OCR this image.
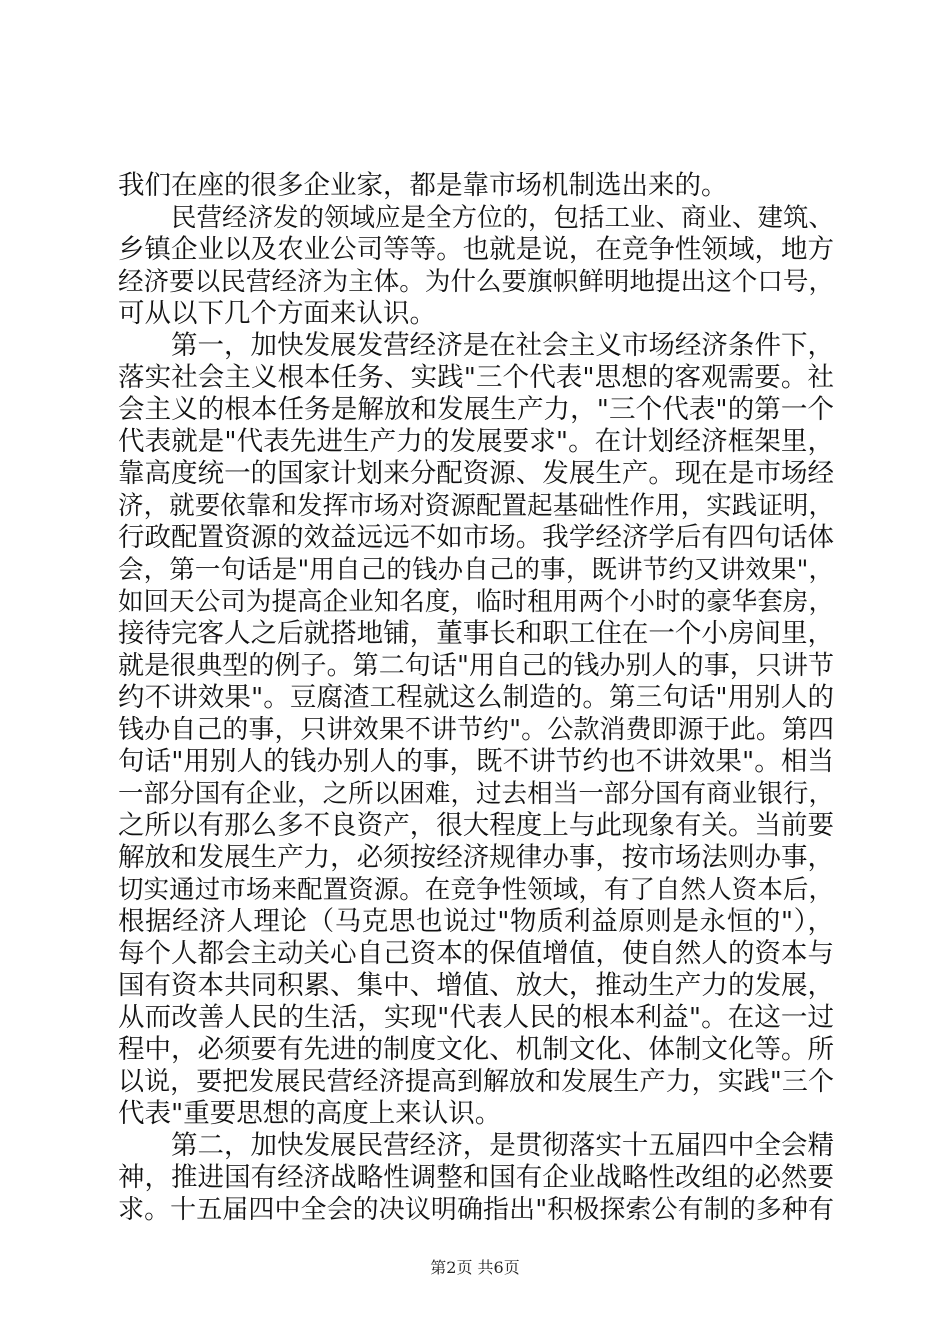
我们在座的很多企业家，都是靠市场机制选出来的。
民营经济发的领域应是全方位的，包括工业、商业、建筑、
乡镇企业以及农业公司等等。也就是说，在竞争性领域，地方
经济要以民营经济为主体。为什么要旗帜鲜明地提出这个口号，
可从以下几个方面来认识。
第一，加快发展发营经济是在社会主义市场经济条件下，
落实社会主义根本任务、实践"三个代表"思想的客观需要。社
会主义的根本任务是解放和发展生产力，"三个代表"的第一个
代表就是"代表先进生产力的发展要求"。在计划经济框架里，
靠高度统一的国家计划来分配资源、发展生产。现在是市场经
济，就要依靠和发挥市场对资源配置起基础性作用，实践证明，
行政配置资源的效益远远不如市场。我学经济学后有四句话体
会，第一句话是"用自己的钱办自己的事，既讲节约又讲效果"，
如回天公司为提高企业知名度，临时租用两个小时的豪华套房，
接待完客人之后就搭地铺，董事长和职工住在一个小房间里，
就是很典型的例子。第二句话"用自己的钱办别人的事，只讲节
约不讲效果"。豆腐渣工程就这么制造的。第三句话"用别人的
钱办自己的事，只讲效果不讲节约"。公款消费即源于此。第四
句话"用别人的钱办别人的事，既不讲节约也不讲效果"。相当
一部分国有企业，之所以困难，过去相当一部分国有商业银行，
之所以有那么多不良资产，很大程度上与此现象有关。当前要
解放和发展生产力，必须按经济规律办事，按市场法则办事，
切实通过市场来配置资源。在竞争性领域，有了自然人资本后，
根据经济人理论（马克思也说过"物质利益原则是永恒的"），
每个人都会主动关心自己资本的保值增值，使自然人的资本与
国有资本共同积累、集中、增值、放大，推动生产力的发展，
从而改善人民的生活，实现"代表人民的根本利益"。在这一过
程中，必须要有先进的制度文化、机制文化、体制文化等。所
以说，要把发展民营经济提高到解放和发展生产力，实践"三个
代表"重要思想的高度上来认识。
第二，加快发展民营经济，是贯彻落实十五届四中全会精
神，推进国有经济战略性调整和国有企业战略性改组的必然要
求。十五届四中全会的决议明确指出"积极探索公有制的多种有
第2页 共6页
